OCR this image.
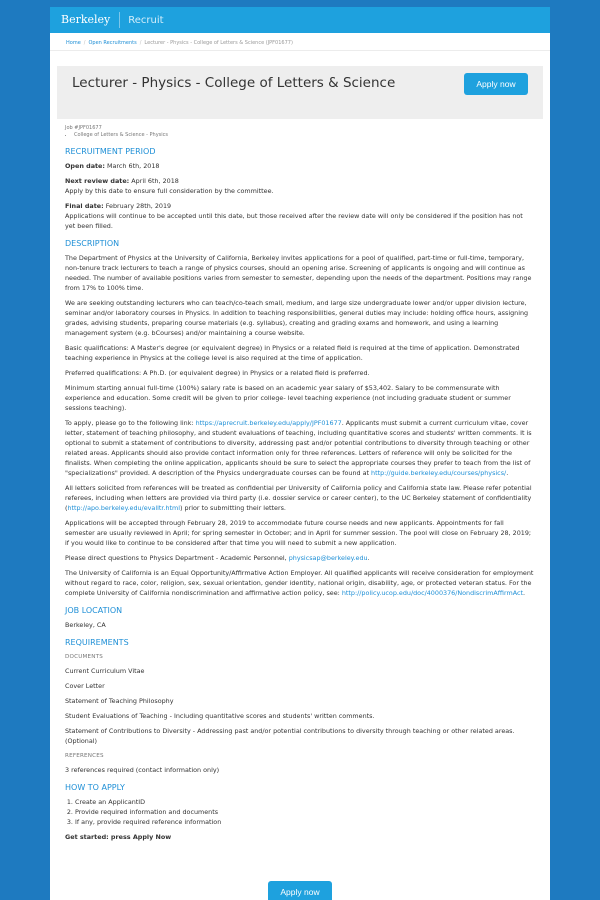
Berkeley	Recruit
Home / Open Recruitments / Lecturer - Physics - College of Letters & Science (JPF01677)
Lecturer - Physics - College of Letters & Science	Apply now
Job #JPF01677
• College of Letters & Science - Physics
RECRUITMENT PERIOD

Open date: March 6th, 2018

Next review date: April 6th, 2018
Apply by this date to ensure full consideration by the committee.

Final date: February 28th, 2019
Applications will continue to be accepted until this date, but those received after the review date will only be considered if the position has not yet been filled.

DESCRIPTION

The Department of Physics at the University of California, Berkeley invites applications for a pool of qualified, part-time or full-time, temporary, non-tenure track lecturers to teach a range of physics courses, should an opening arise. Screening of applicants is ongoing and will continue as needed. The number of available positions varies from semester to semester, depending upon the needs of the department. Positions may range from 17% to 100% time.

We are seeking outstanding lecturers who can teach/co-teach small, medium, and large size undergraduate lower and/or upper division lecture, seminar and/or laboratory courses in Physics. In addition to teaching responsibilities, general duties may include: holding office hours, assigning grades, advising students, preparing course materials (e.g. syllabus), creating and grading exams and homework, and using a learning management system (e.g. bCourses) and/or maintaining a course website.

Basic qualifications: A Master's degree (or equivalent degree) in Physics or a related field is required at the time of application. Demonstrated teaching experience in Physics at the college level is also required at the time of application.

Preferred qualifications: A Ph.D. (or equivalent degree) in Physics or a related field is preferred.

Minimum starting annual full-time (100%) salary rate is based on an academic year salary of $53,402. Salary to be commensurate with experience and education. Some credit will be given to prior college- level teaching experience (not including graduate student or summer sessions teaching).

To apply, please go to the following link: https://aprecruit.berkeley.edu/apply/JPF01677. Applicants must submit a current curriculum vitae, cover letter, statement of teaching philosophy, and student evaluations of teaching, including quantitative scores and students' written comments. It is optional to submit a statement of contributions to diversity, addressing past and/or potential contributions to diversity through teaching or other related areas. Applicants should also provide contact information only for three references. Letters of reference will only be solicited for the finalists. When completing the online application, applicants should be sure to select the appropriate courses they prefer to teach from the list of "specializations" provided. A description of the Physics undergraduate courses can be found at http://guide.berkeley.edu/courses/physics/.

All letters solicited from references will be treated as confidential per University of California policy and California state law. Please refer potential referees, including when letters are provided via third party (i.e. dossier service or career center), to the UC Berkeley statement of confidentiality (http://apo.berkeley.edu/evalltr.html) prior to submitting their letters.

Applications will be accepted through February 28, 2019 to accommodate future course needs and new applicants. Appointments for fall semester are usually reviewed in April; for spring semester in October; and in April for summer session. The pool will close on February 28, 2019; if you would like to continue to be considered after that time you will need to submit a new application.

Please direct questions to Physics Department - Academic Personnel, physicsap@berkeley.edu.

The University of California is an Equal Opportunity/Affirmative Action Employer. All qualified applicants will receive consideration for employment without regard to race, color, religion, sex, sexual orientation, gender identity, national origin, disability, age, or protected veteran status. For the complete University of California nondiscrimination and affirmative action policy, see: http://policy.ucop.edu/doc/4000376/NondiscrimAffirmAct.

JOB LOCATION

Berkeley, CA

REQUIREMENTS
DOCUMENTS

Current Curriculum Vitae

Cover Letter

Statement of Teaching Philosophy

Student Evaluations of Teaching - Including quantitative scores and students' written comments.

Statement of Contributions to Diversity - Addressing past and/or potential contributions to diversity through teaching or other related areas. (Optional)

REFERENCES

3 references required (contact information only)

HOW TO APPLY
1. Create an ApplicantID
2. Provide required information and documents
3. If any, provide required reference information

Get started: press Apply Now

Apply now
